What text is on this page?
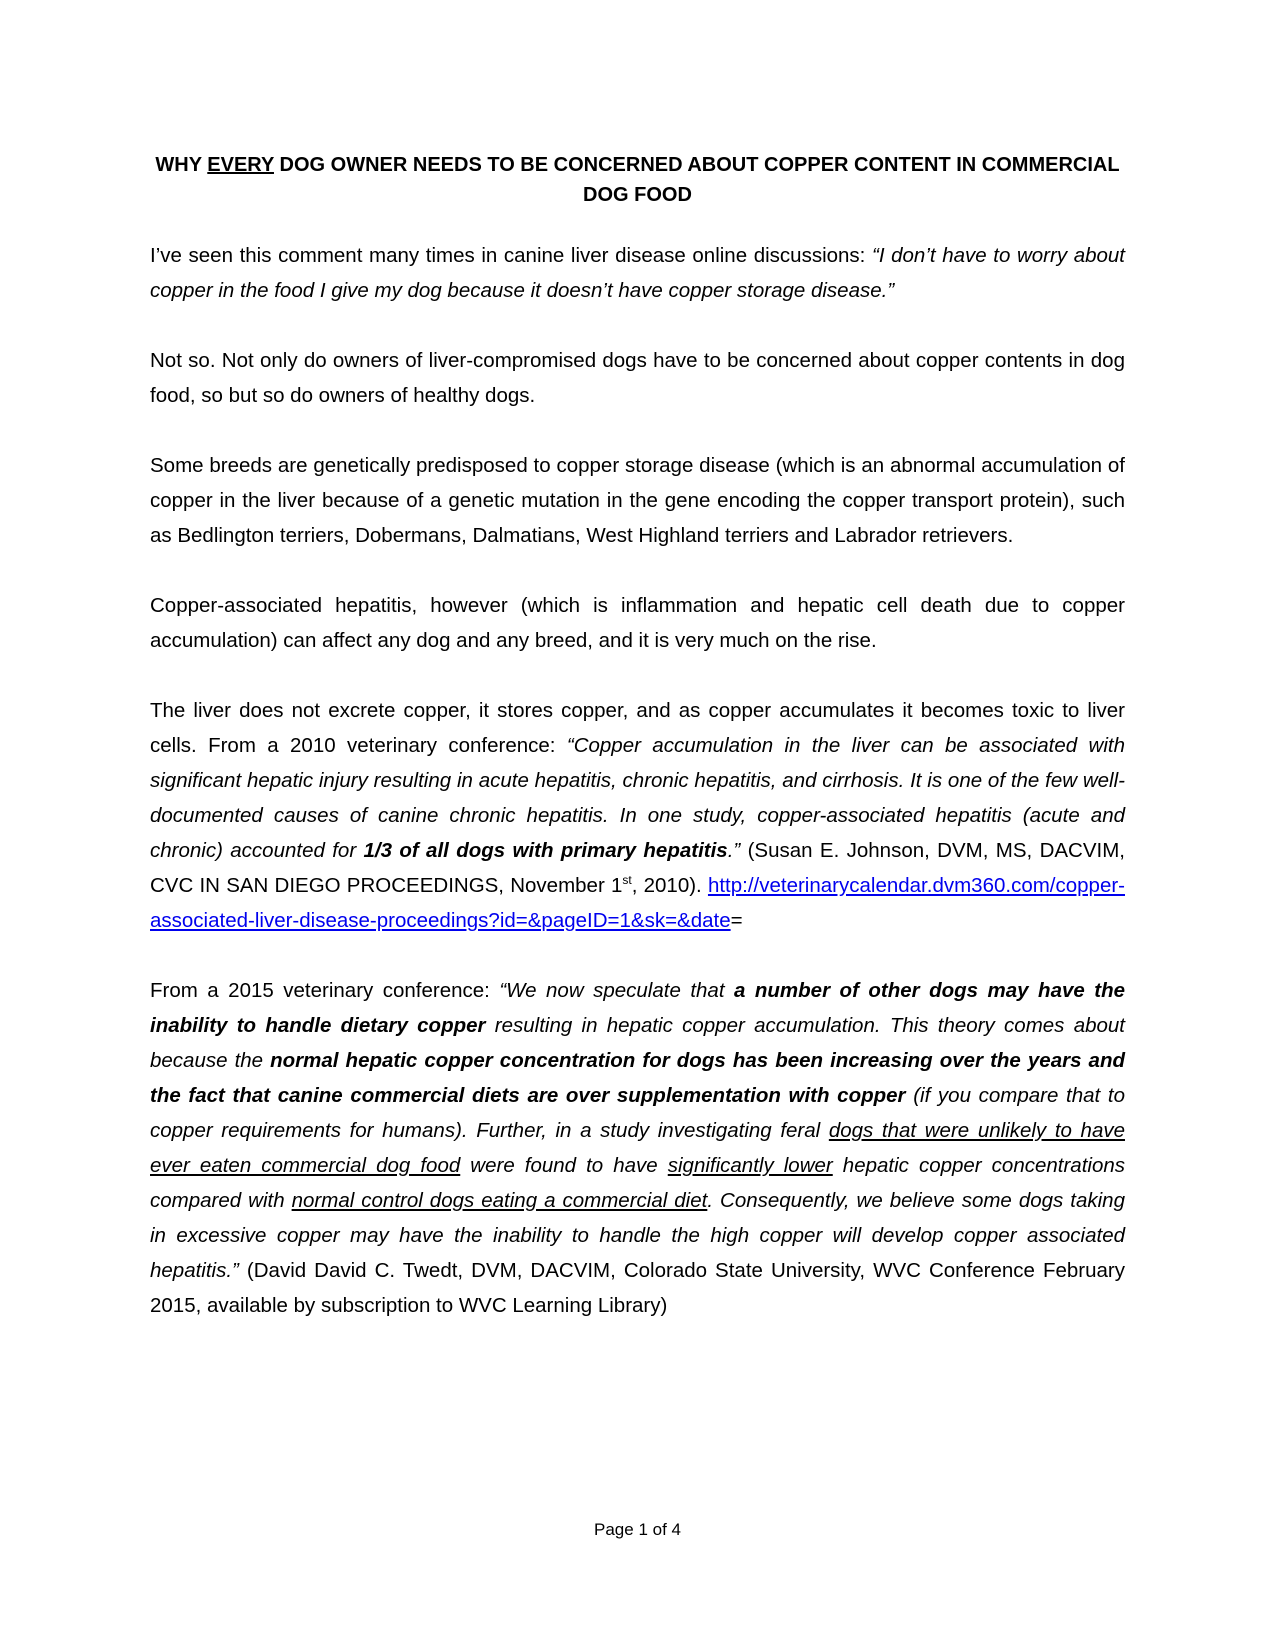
WHY EVERY DOG OWNER NEEDS TO BE CONCERNED ABOUT COPPER CONTENT IN COMMERCIAL DOG FOOD

I’ve seen this comment many times in canine liver disease online discussions: “I don’t have to worry about copper in the food I give my dog because it doesn’t have copper storage disease.”

Not so. Not only do owners of liver-compromised dogs have to be concerned about copper contents in dog food, so but so do owners of healthy dogs.

Some breeds are genetically predisposed to copper storage disease (which is an abnormal accumulation of copper in the liver because of a genetic mutation in the gene encoding the copper transport protein), such as Bedlington terriers, Dobermans, Dalmatians, West Highland terriers and Labrador retrievers.

Copper-associated hepatitis, however (which is inflammation and hepatic cell death due to copper accumulation) can affect any dog and any breed, and it is very much on the rise.

The liver does not excrete copper, it stores copper, and as copper accumulates it becomes toxic to liver cells. From a 2010 veterinary conference: “Copper accumulation in the liver can be associated with significant hepatic injury resulting in acute hepatitis, chronic hepatitis, and cirrhosis. It is one of the few well-documented causes of canine chronic hepatitis. In one study, copper-associated hepatitis (acute and chronic) accounted for 1/3 of all dogs with primary hepatitis.” (Susan E. Johnson, DVM, MS, DACVIM, CVC IN SAN DIEGO PROCEEDINGS, November 1st, 2010). http://veterinarycalendar.dvm360.com/copper-associated-liver-disease-proceedings?id=&pageID=1&sk=&date=

From a 2015 veterinary conference: “We now speculate that a number of other dogs may have the inability to handle dietary copper resulting in hepatic copper accumulation. This theory comes about because the normal hepatic copper concentration for dogs has been increasing over the years and the fact that canine commercial diets are over supplementation with copper (if you compare that to copper requirements for humans). Further, in a study investigating feral dogs that were unlikely to have ever eaten commercial dog food were found to have significantly lower hepatic copper concentrations compared with normal control dogs eating a commercial diet. Consequently, we believe some dogs taking in excessive copper may have the inability to handle the high copper will develop copper associated hepatitis.” (David David C. Twedt, DVM, DACVIM, Colorado State University, WVC Conference February 2015, available by subscription to WVC Learning Library)

Page 1 of 4
